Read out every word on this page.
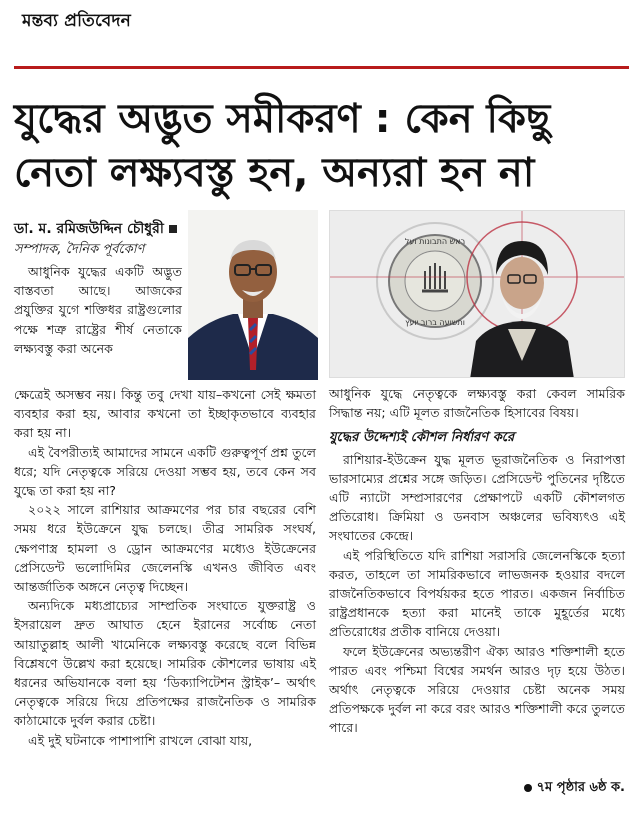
মন্তব্য প্রতিবেদন
যুদ্ধের অদ্ভুত সমীকরণ : কেন কিছু
নেতা লক্ষ্যবস্তু হন, অন্যরা হন না
ডা. ম. রমিজউদ্দিন চৌধুরী
সম্পাদক, দৈনিক পূর্বকোণ
ראש התבונות ועל
ותשועה ברוב יועץ

আধুনিক যুদ্ধের একটি অদ্ভুত বাস্তবতা আছে। আজকের প্রযুক্তির যুগে শক্তিধর রাষ্ট্রগুলোর পক্ষে শত্রু রাষ্ট্রের শীর্ষ নেতাকে লক্ষ্যবস্তু করা অনেক

ক্ষেত্রেই অসম্ভব নয়। কিন্তু তবু দেখা যায়–কখনো সেই ক্ষমতা ব্যবহার করা হয়, আবার কখনো তা ইচ্ছাকৃতভাবে ব্যবহার করা হয় না।

এই বৈপরীত্যই আমাদের সামনে একটি গুরুত্বপূর্ণ প্রশ্ন তুলে ধরে; যদি নেতৃত্বকে সরিয়ে দেওয়া সম্ভব হয়, তবে কেন সব যুদ্ধে তা করা হয় না?

২০২২ সালে রাশিয়ার আক্রমণের পর চার বছরের বেশি সময় ধরে ইউক্রেনে যুদ্ধ চলছে। তীব্র সামরিক সংঘর্ষ, ক্ষেপণাস্ত্র হামলা ও ড্রোন আক্রমণের মধ্যেও ইউক্রেনের প্রেসিডেন্ট ভলোদিমির জেলেনস্কি এখনও জীবিত এবং আন্তর্জাতিক অঙ্গনে নেতৃত্ব দিচ্ছেন।

অন্যদিকে মধ্যপ্রাচ্যের সাম্প্রতিক সংঘাতে যুক্তরাষ্ট্র ও ইসরায়েল দ্রুত আঘাত হেনে ইরানের সর্বোচ্চ নেতা আয়াতুল্লাহ আলী খামেনিকে লক্ষ্যবস্তু করেছে বলে বিভিন্ন বিশ্লেষণে উল্লেখ করা হয়েছে। সামরিক কৌশলের ভাষায় এই ধরনের অভিযানকে বলা হয় ‘ডিক্যাপিটেশন স্ট্রাইক’– অর্থাৎ নেতৃত্বকে সরিয়ে দিয়ে প্রতিপক্ষের রাজনৈতিক ও সামরিক কাঠামোকে দুর্বল করার চেষ্টা।

এই দুই ঘটনাকে পাশাপাশি রাখলে বোঝা যায়,

আধুনিক যুদ্ধে নেতৃত্বকে লক্ষ্যবস্তু করা কেবল সামরিক সিদ্ধান্ত নয়; এটি মূলত রাজনৈতিক হিসাবের বিষয়।

যুদ্ধের উদ্দেশ্যই কৌশল নির্ধারণ করে

রাশিয়ার-ইউক্রেন যুদ্ধ মূলত ভূরাজনৈতিক ও নিরাপত্তা ভারসাম্যের প্রশ্নের সঙ্গে জড়িত। প্রেসিডেন্ট পুতিনের দৃষ্টিতে এটি ন্যাটো সম্প্রসারণের প্রেক্ষাপটে একটি কৌশলগত প্রতিরোধ। ক্রিমিয়া ও ডনবাস অঞ্চলের ভবিষ্যৎও এই সংঘাতের কেন্দ্রে।

এই পরিস্থিতিতে যদি রাশিয়া সরাসরি জেলেনস্কিকে হত্যা করত, তাহলে তা সামরিকভাবে লাভজনক হওয়ার বদলে রাজনৈতিকভাবে বিপর্যয়কর হতে পারত। একজন নির্বাচিত রাষ্ট্রপ্রধানকে হত্যা করা মানেই তাকে মুহূর্তের মধ্যে প্রতিরোধের প্রতীক বানিয়ে দেওয়া।

ফলে ইউক্রেনের অভ্যন্তরীণ ঐক্য আরও শক্তিশালী হতে পারত এবং পশ্চিমা বিশ্বের সমর্থন আরও দৃঢ় হয়ে উঠত। অর্থাৎ নেতৃত্বকে সরিয়ে দেওয়ার চেষ্টা অনেক সময় প্রতিপক্ষকে দুর্বল না করে বরং আরও শক্তিশালী করে তুলতে পারে।

৭ম পৃষ্ঠার ৬ষ্ঠ ক.
